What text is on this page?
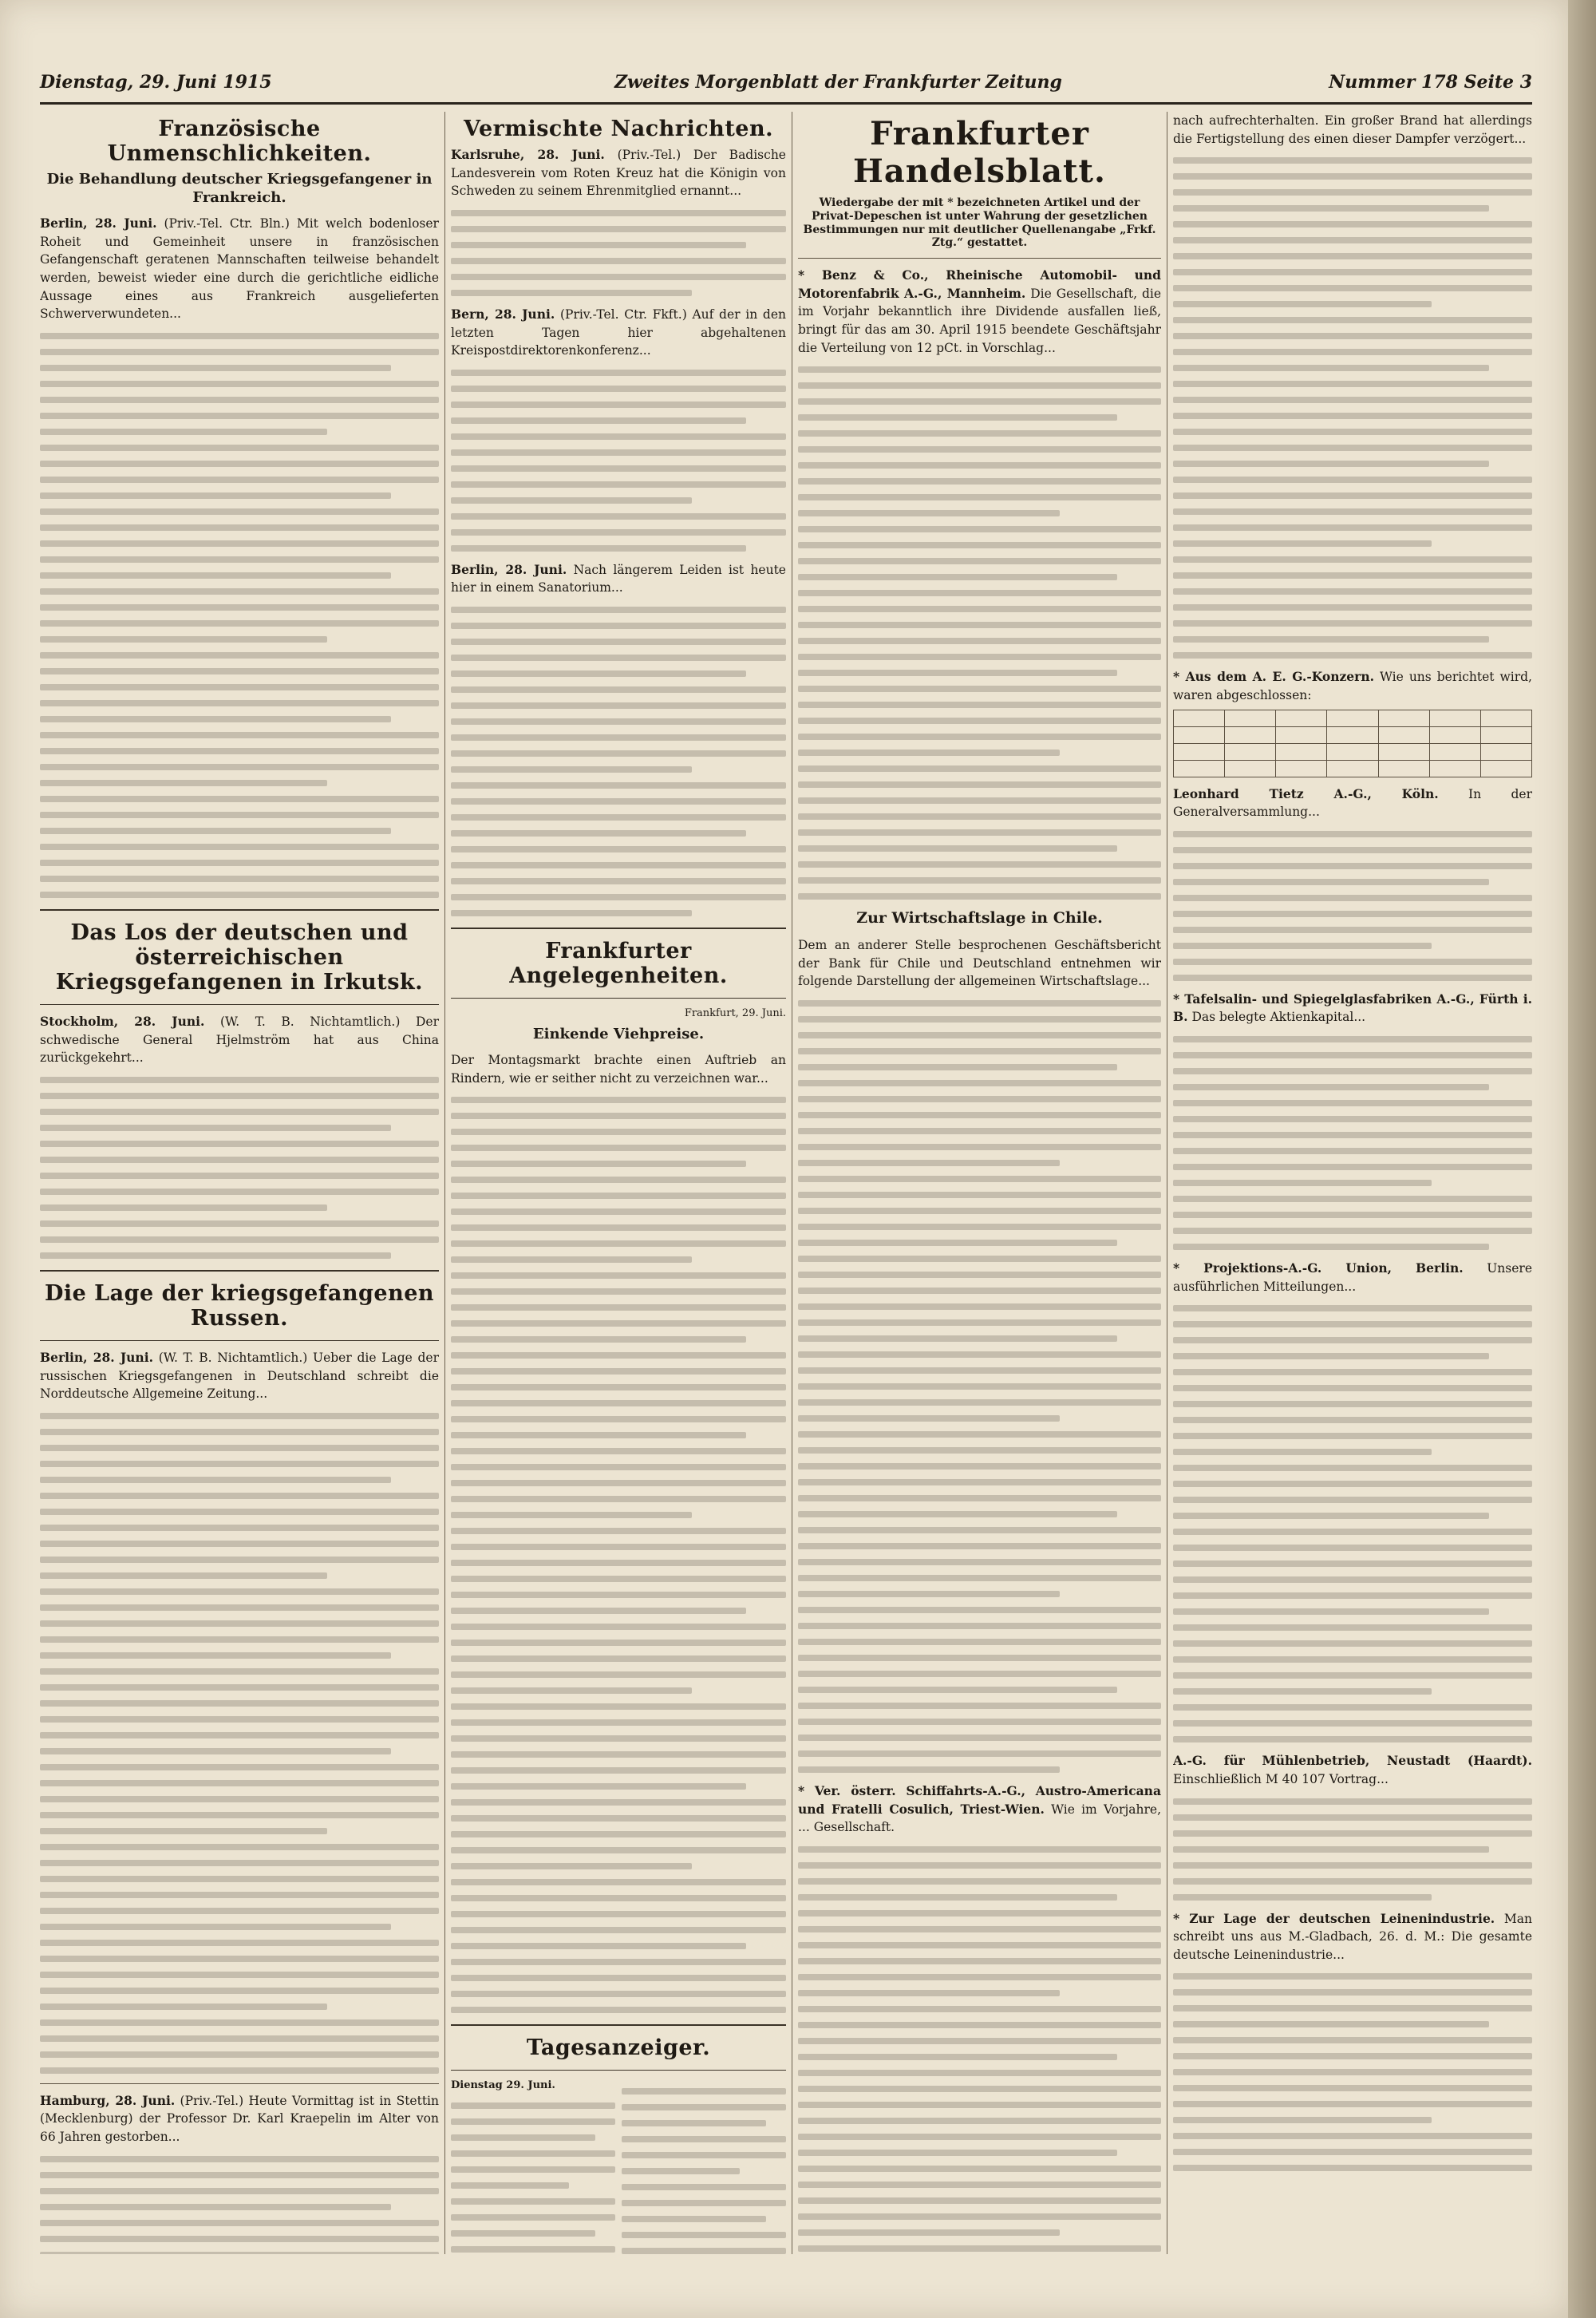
Dienstag, 29. Juni 1915	Zweites Morgenblatt der Frankfurter Zeitung	Nummer 178 Seite 3
Französische Unmenschlichkeiten.
Die Behandlung deutscher Kriegsgefangener in Frankreich.

Berlin, 28. Juni. (Priv.-Tel. Ctr. Bln.) Mit welch bodenloser Roheit und Gemeinheit unsere in französischen Gefangenschaft geratenen Mannschaften teilweise behandelt werden, beweist wieder eine durch die gerichtliche eidliche Aussage eines aus Frankreich ausgelieferten Schwerverwundeten...

Das Los der deutschen und österreichischen Kriegsgefangenen in Irkutsk.

Stockholm, 28. Juni. (W. T. B. Nichtamtlich.) Der schwedische General Hjelmström hat aus China zurückgekehrt...

Die Lage der kriegsgefangenen Russen.

Berlin, 28. Juni. (W. T. B. Nichtamtlich.) Ueber die Lage der russischen Kriegsgefangenen in Deutschland schreibt die Norddeutsche Allgemeine Zeitung...

Hamburg, 28. Juni. (Priv.-Tel.) Heute Vormittag ist in Stettin (Mecklenburg) der Professor Dr. Karl Kraepelin im Alter von 66 Jahren gestorben...

Vermischte Nachrichten.

Karlsruhe, 28. Juni. (Priv.-Tel.) Der Badische Landesverein vom Roten Kreuz hat die Königin von Schweden zu seinem Ehrenmitglied ernannt...

Bern, 28. Juni. (Priv.-Tel. Ctr. Fkft.) Auf der in den letzten Tagen hier abgehaltenen Kreispostdirektorenkonferenz...

Berlin, 28. Juni. Nach längerem Leiden ist heute hier in einem Sanatorium...

Frankfurter Angelegenheiten.
Frankfurt, 29. Juni.
Einkende Viehpreise.

Der Montagsmarkt brachte einen Auftrieb an Rindern, wie er seither nicht zu verzeichnen war...

Tagesanzeiger.
Dienstag 29. Juni.
Frankfurter Handelsblatt.
Wiedergabe der mit * bezeichneten Artikel und der Privat-Depeschen ist unter Wahrung der gesetzlichen Bestimmungen nur mit deutlicher Quellenangabe „Frkf. Ztg.“ gestattet.

* Benz & Co., Rheinische Automobil- und Motorenfabrik A.-G., Mannheim. Die Gesellschaft, die im Vorjahr bekanntlich ihre Dividende ausfallen ließ, bringt für das am 30. April 1915 beendete Geschäftsjahr die Verteilung von 12 pCt. in Vorschlag...

Zur Wirtschaftslage in Chile.

Dem an anderer Stelle besprochenen Geschäftsbericht der Bank für Chile und Deutschland entnehmen wir folgende Darstellung der allgemeinen Wirtschaftslage...

* Ver. österr. Schiffahrts-A.-G., Austro-Americana und Fratelli Cosulich, Triest-Wien. Wie im Vorjahre, ... Gesellschaft.

nach aufrechterhalten. Ein großer Brand hat allerdings die Fertigstellung des einen dieser Dampfer verzögert...

* Aus dem A. E. G.-Konzern. Wie uns berichtet wird, waren abgeschlossen:

Leonhard Tietz A.-G., Köln. In der Generalversammlung...

* Tafelsalin- und Spiegelglasfabriken A.-G., Fürth i. B. Das belegte Aktienkapital...

* Projektions-A.-G. Union, Berlin. Unsere ausführlichen Mitteilungen...

A.-G. für Mühlenbetrieb, Neustadt (Haardt). Einschließlich M 40 107 Vortrag...

* Zur Lage der deutschen Leinenindustrie. Man schreibt uns aus M.-Gladbach, 26. d. M.: Die gesamte deutsche Leinenindustrie...
